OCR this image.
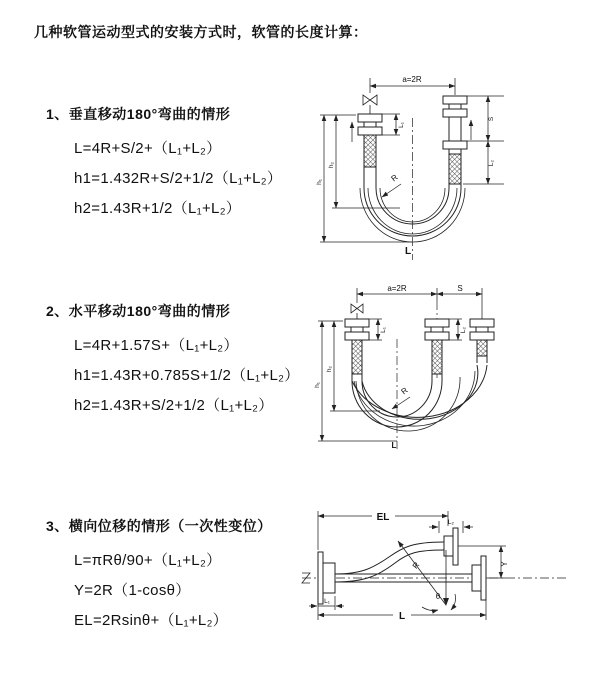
几种软管运动型式的安装方式时，软管的长度计算：
1、垂直移动180°弯曲的情形
L=4R+S/2+（L₁+L₂）
h1=1.432R+S/2+1/2（L₁+L₂）
h2=1.43R+1/2（L₁+L₂）
2、水平移动180°弯曲的情形
L=4R+1.57S+（L₁+L₂）
h1=1.43R+0.785S+1/2（L₁+L₂）
h2=1.43R+S/2+1/2（L₁+L₂）
3、横向位移的情形（一次性变位）
L=πRθ/90+（L₁+L₂）
Y=2R（1-cosθ）
EL=2Rsinθ+（L₁+L₂）
a=2R
h₁
h₂
L₁
S
L₂
R
L
a=2R	S
h₁
h₂
L₁	L₂
R
L
EL	L₂
Y
R
θ
L₁
L
